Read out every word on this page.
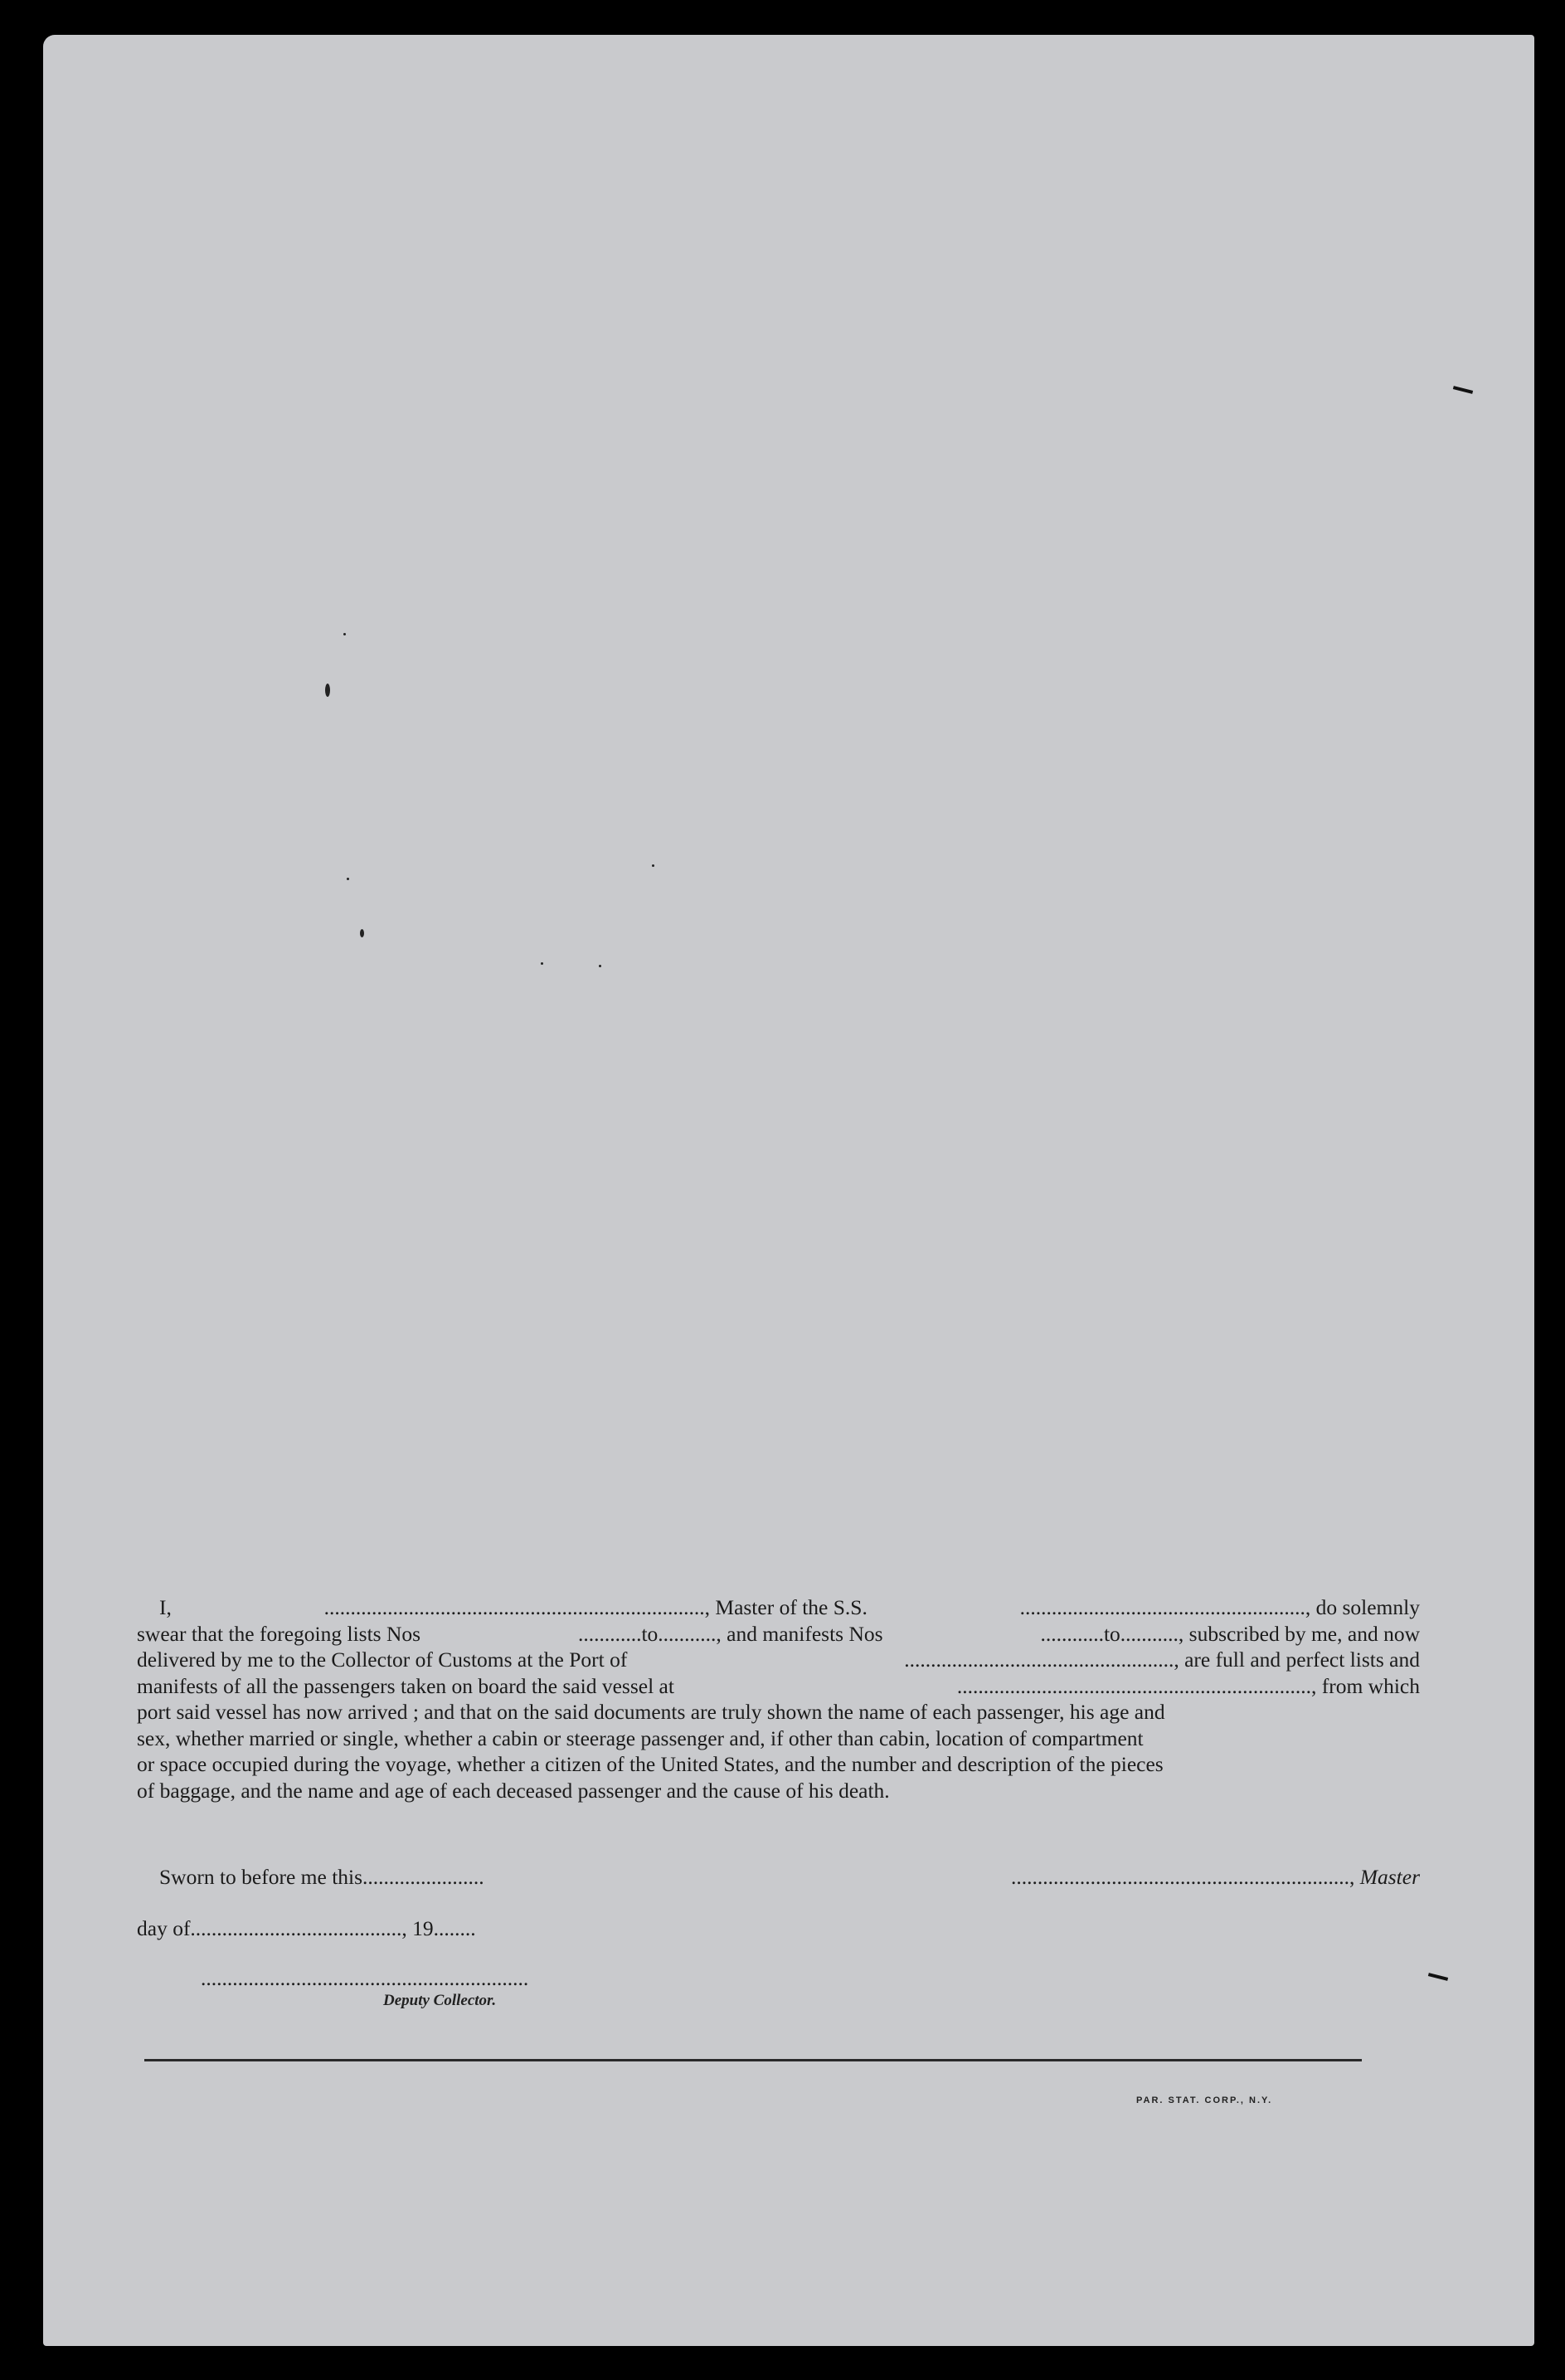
I,	........................................................................, Master of the S.S.	......................................................, do solemnly
swear that the foregoing lists Nos	............to..........., and manifests Nos	............to..........., subscribed by me, and now
delivered by me to the Collector of Customs at the Port of	..................................................., are full and perfect lists and
manifests of all the passengers taken on board the said vessel at	..................................................................., from which
port said vessel has now arrived ; and that on the said documents are truly shown the name of each passenger, his age and
sex, whether married or single, whether a cabin or steerage passenger and, if other than cabin, location of compartment
or space occupied during the voyage, whether a citizen of the United States, and the number and description of the pieces
of baggage, and the name and age of each deceased passenger and the cause of his death.
Sworn to before me this.......................	................................................................, Master
day of........................................, 19........
..............................................................
Deputy Collector.
PAR. STAT. CORP., N.Y.
